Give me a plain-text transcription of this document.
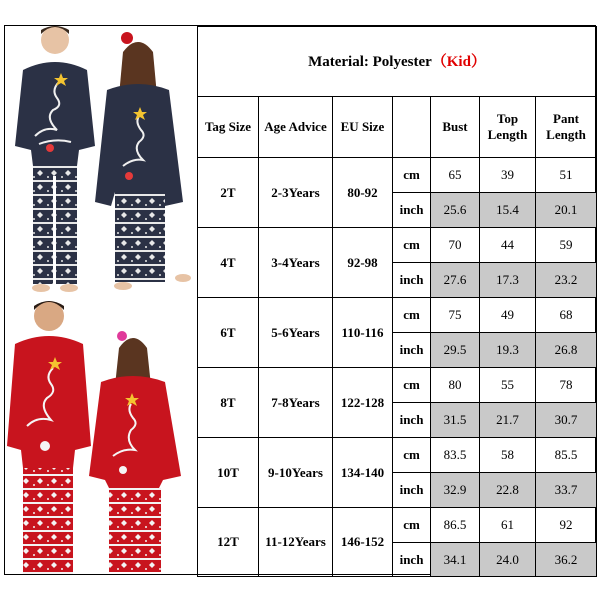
Material: Polyester（Kid）						
Tag Size	Age Advice	EU Size		Bust	Top Length	Pant Length
2T	2-3Years	80-92	cm	65	39	51
			inch	25.6	15.4	20.1
4T	3-4Years	92-98	cm	70	44	59
			inch	27.6	17.3	23.2
6T	5-6Years	110-116	cm	75	49	68
			inch	29.5	19.3	26.8
8T	7-8Years	122-128	cm	80	55	78
			inch	31.5	21.7	30.7
10T	9-10Years	134-140	cm	83.5	58	85.5
			inch	32.9	22.8	33.7
12T	11-12Years	146-152	cm	86.5	61	92
			inch	34.1	24.0	36.2
